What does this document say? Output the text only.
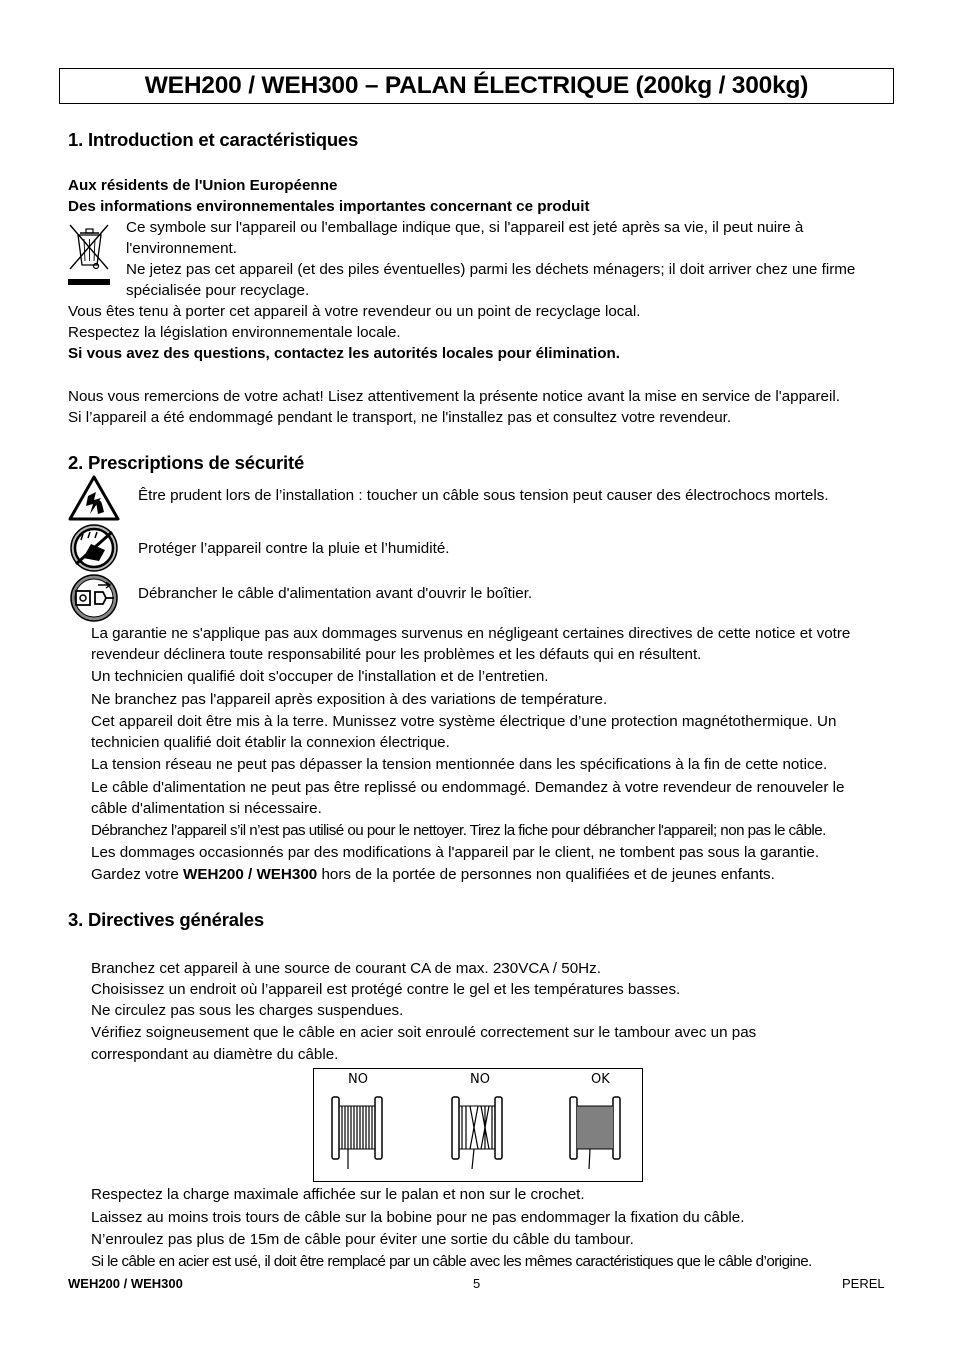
WEH200 / WEH300 – PALAN ÉLECTRIQUE (200kg / 300kg)
1. Introduction et caractéristiques
Aux résidents de l'Union Européenne
Des informations environnementales importantes concernant ce produit
Ce symbole sur l'appareil ou l'emballage indique que, si l'appareil est jeté après sa vie, il peut nuire à
l'environnement.
Ne jetez pas cet appareil (et des piles éventuelles) parmi les déchets ménagers; il doit arriver chez une firme
spécialisée pour recyclage.
Vous êtes tenu à porter cet appareil à votre revendeur ou un point de recyclage local.
Respectez la législation environnementale locale.
Si vous avez des questions, contactez les autorités locales pour élimination.
Nous vous remercions de votre achat! Lisez attentivement la présente notice avant la mise en service de l'appareil.
Si l’appareil a été endommagé pendant le transport, ne l'installez pas et consultez votre revendeur.
2. Prescriptions de sécurité
Être prudent lors de l’installation : toucher un câble sous tension peut causer des électrochocs mortels.
Protéger l’appareil contre la pluie et l’humidité.
Débrancher le câble d'alimentation avant d'ouvrir le boîtier.
La garantie ne s'applique pas aux dommages survenus en négligeant certaines directives de cette notice et votre
revendeur déclinera toute responsabilité pour les problèmes et les défauts qui en résultent.
Un technicien qualifié doit s'occuper de l'installation et de l’entretien.
Ne branchez pas l'appareil après exposition à des variations de température.
Cet appareil doit être mis à la terre. Munissez votre système électrique d’une protection magnétothermique. Un
technicien qualifié doit établir la connexion électrique.
La tension réseau ne peut pas dépasser la tension mentionnée dans les spécifications à la fin de cette notice.
Le câble d'alimentation ne peut pas être replissé ou endommagé. Demandez à votre revendeur de renouveler le
câble d'alimentation si nécessaire.
Débranchez l’appareil s’il n’est pas utilisé ou pour le nettoyer. Tirez la fiche pour débrancher l'appareil; non pas le câble.
Les dommages occasionnés par des modifications à l'appareil par le client, ne tombent pas sous la garantie.
Gardez votre WEH200 / WEH300 hors de la portée de personnes non qualifiées et de jeunes enfants.
3. Directives générales
Branchez cet appareil à une source de courant CA de max. 230VCA / 50Hz.
Choisissez un endroit où l’appareil est protégé contre le gel et les températures basses.
Ne circulez pas sous les charges suspendues.
Vérifiez soigneusement que le câble en acier soit enroulé correctement sur le tambour avec un pas
correspondant au diamètre du câble.
NO	NO	OK
Respectez la charge maximale affichée sur le palan et non sur le crochet.
Laissez au moins trois tours de câble sur la bobine pour ne pas endommager la fixation du câble.
N’enroulez pas plus de 15m de câble pour éviter une sortie du câble du tambour.
Si le câble en acier est usé, il doit être remplacé par un câble avec les mêmes caractéristiques que le câble d’origine.
WEH200 / WEH300	5	PEREL
